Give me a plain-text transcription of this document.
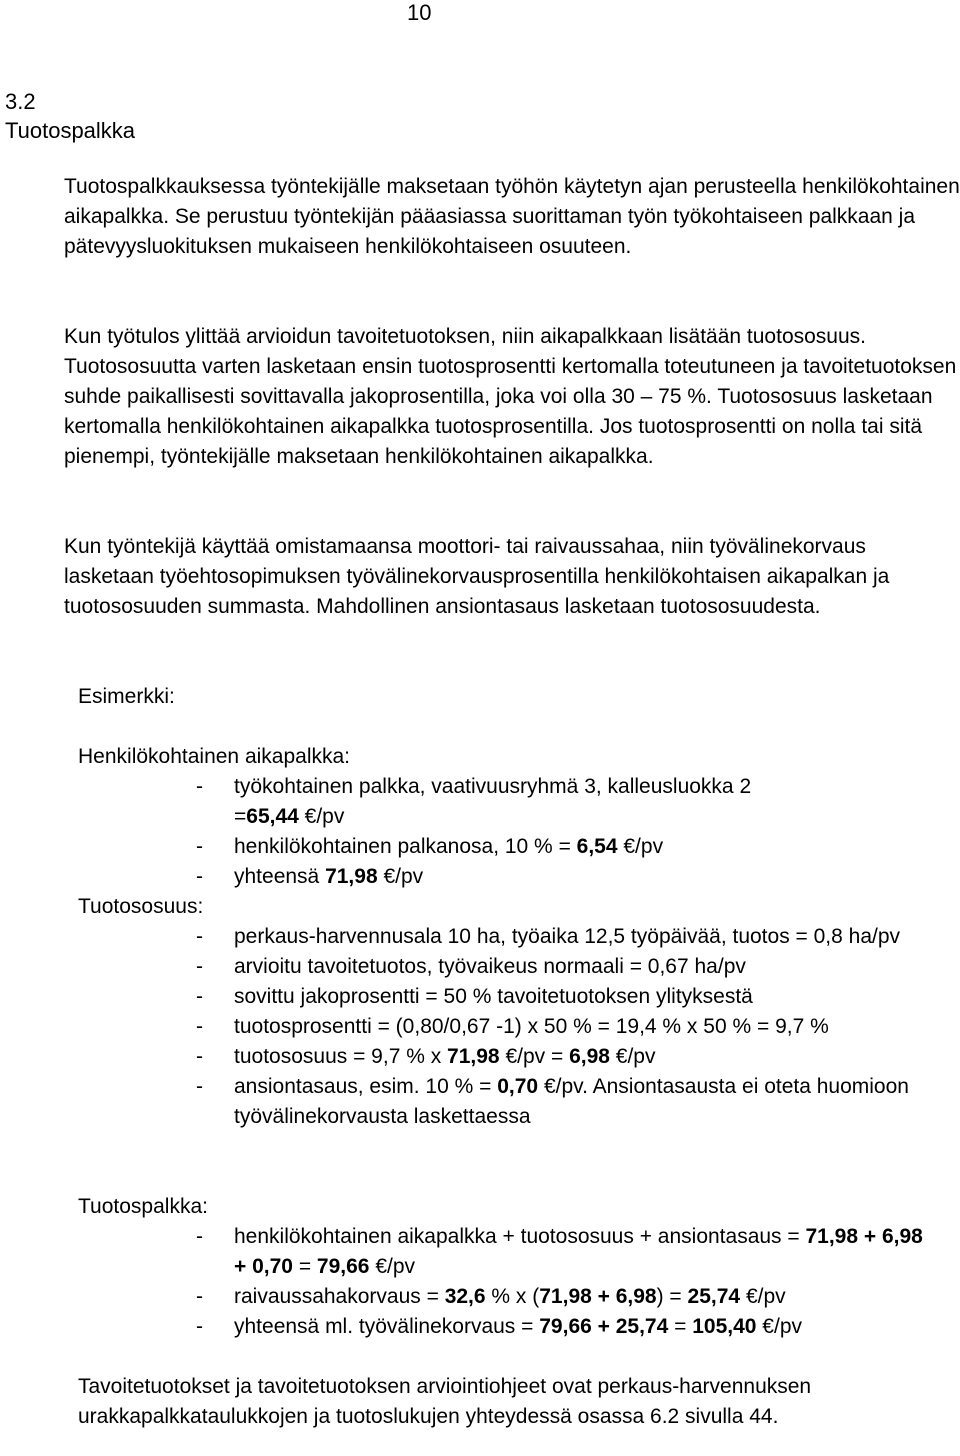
10
3.2
Tuotospalkka

Tuotospalkkauksessa työntekijälle maksetaan työhön käytetyn ajan perusteella henkilökohtainen aikapalkka. Se perustuu työntekijän pääasiassa suorittaman työn työkohtaiseen palkkaan ja pätevyysluokituksen mukaiseen henkilökohtaiseen osuuteen.

Kun työtulos ylittää arvioidun tavoitetuotoksen, niin aikapalkkaan lisätään tuotososuus. Tuotososuutta varten lasketaan ensin tuotosprosentti kertomalla toteutuneen ja tavoitetuotoksen suhde paikallisesti sovittavalla jakoprosentilla, joka voi olla 30 – 75 %. Tuotososuus lasketaan kertomalla henkilökohtainen aikapalkka tuotosprosentilla. Jos tuotosprosentti on nolla tai sitä pienempi, työntekijälle maksetaan henkilökohtainen aikapalkka.

Kun työntekijä käyttää omistamaansa moottori- tai raivaussahaa, niin työvälinekorvaus lasketaan työehtosopimuksen työvälinekorvausprosentilla henkilökohtaisen aikapalkan ja tuotososuuden summasta. Mahdollinen ansiontasaus lasketaan tuotososuudesta.

Esimerkki:
Henkilökohtainen aikapalkka:
- työkohtainen palkka, vaativuusryhmä 3, kalleusluokka 2 =65,44 €/pv
- henkilökohtainen palkanosa, 10 % = 6,54 €/pv
- yhteensä 71,98 €/pv
Tuotososuus:
- perkaus-harvennusala 10 ha, työaika 12,5 työpäivää, tuotos = 0,8 ha/pv
- arvioitu tavoitetuotos, työvaikeus normaali = 0,67 ha/pv
- sovittu jakoprosentti = 50 % tavoitetuotoksen ylityksestä
- tuotosprosentti = (0,80/0,67 -1) x 50 % = 19,4 % x 50 % = 9,7 %
- tuotososuus = 9,7 % x 71,98 €/pv = 6,98 €/pv
- ansiontasaus, esim. 10 % = 0,70 €/pv. Ansiontasausta ei oteta huomioon työvälinekorvausta laskettaessa
Tuotospalkka:
- henkilökohtainen aikapalkka + tuotososuus + ansiontasaus = 71,98 + 6,98 + 0,70 = 79,66 €/pv
- raivaussahakorvaus = 32,6 % x (71,98 + 6,98) = 25,74 €/pv
- yhteensä ml. työvälinekorvaus = 79,66 + 25,74 = 105,40 €/pv

Tavoitetuotokset ja tavoitetuotoksen arviointiohjeet ovat perkaus-harvennuksen urakkapalkkataulukkojen ja tuotoslukujen yhteydessä osassa 6.2 sivulla 44.
